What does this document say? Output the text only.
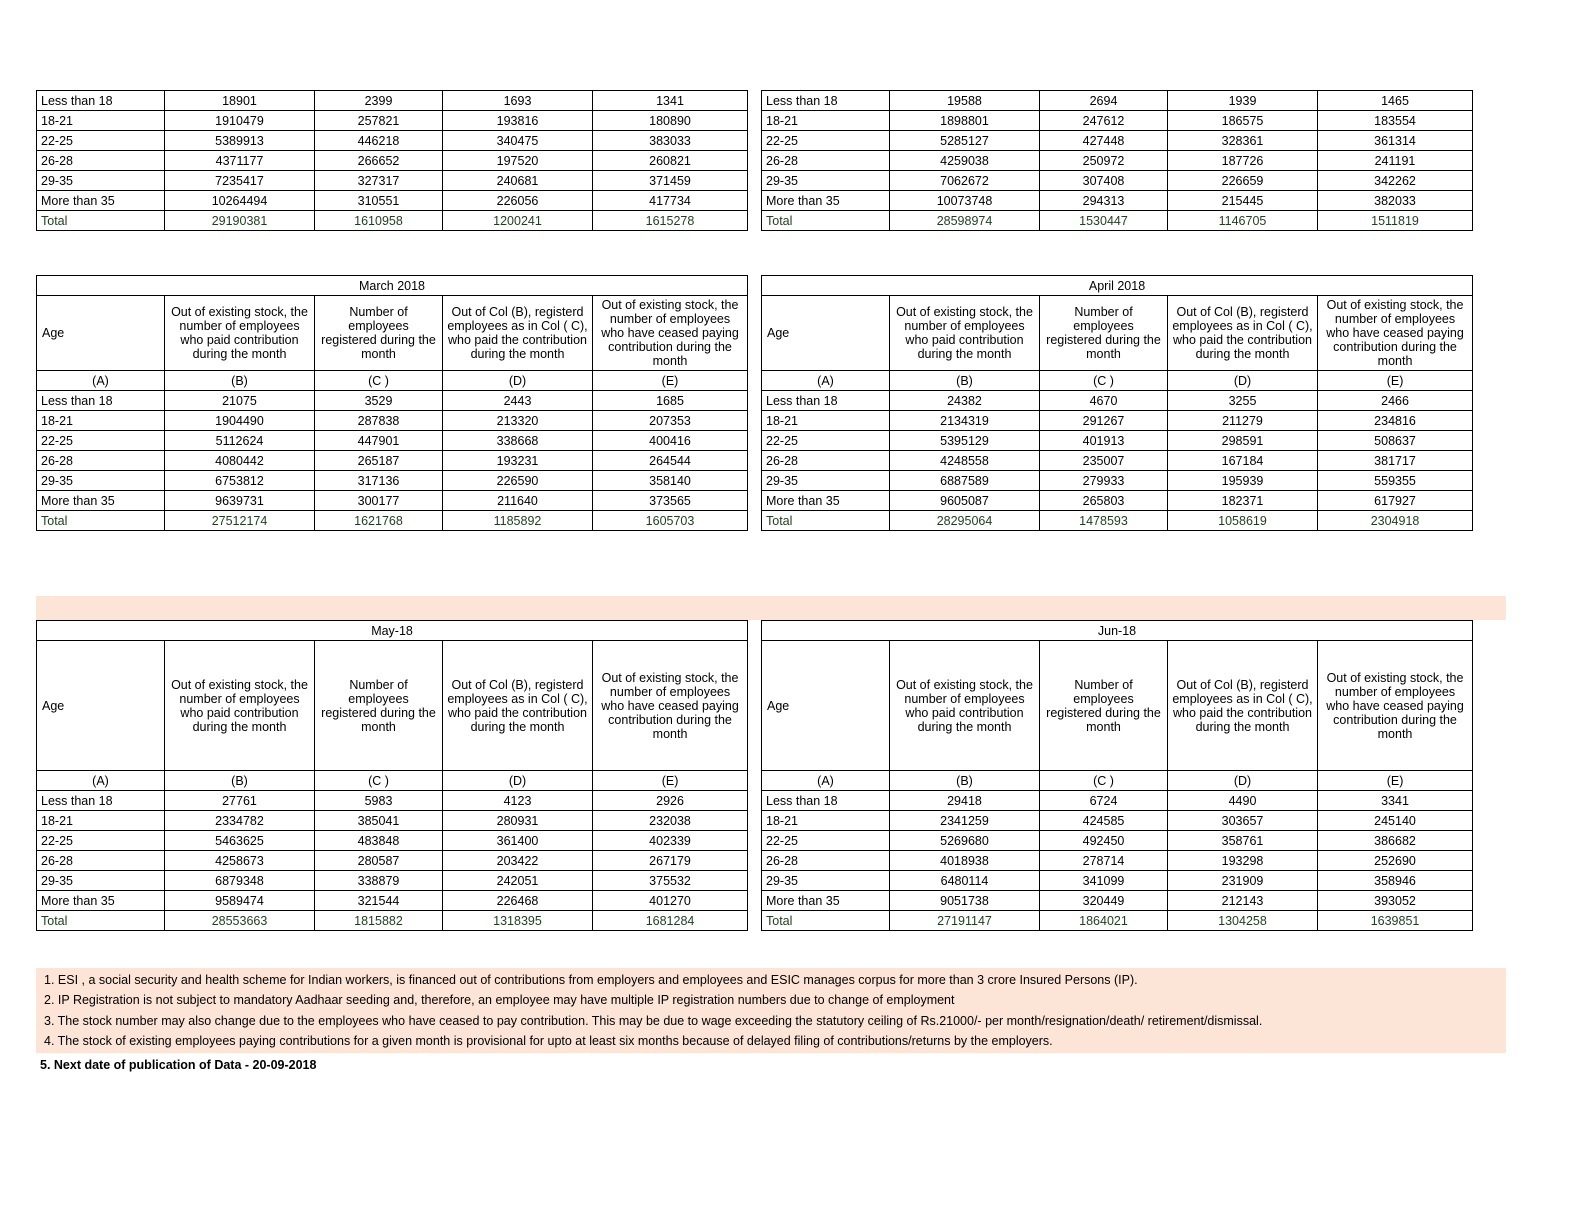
Less than 18	18901	2399	1693	1341
18-21	1910479	257821	193816	180890
22-25	5389913	446218	340475	383033
26-28	4371177	266652	197520	260821
29-35	7235417	327317	240681	371459
More than 35	10264494	310551	226056	417734
Total	29190381	1610958	1200241	1615278
Less than 18	19588	2694	1939	1465
18-21	1898801	247612	186575	183554
22-25	5285127	427448	328361	361314
26-28	4259038	250972	187726	241191
29-35	7062672	307408	226659	342262
More than 35	10073748	294313	215445	382033
Total	28598974	1530447	1146705	1511819
March 2018				
Age	Out of existing stock, the number of employees who paid contribution during the month	Number of employees registered during the month	Out of Col (B), registerd employees as in Col ( C), who paid the contribution during the month	Out of existing stock, the number of employees who have ceased paying contribution during the month
(A)	(B)	(C )	(D)	(E)
Less than 18	21075	3529	2443	1685
18-21	1904490	287838	213320	207353
22-25	5112624	447901	338668	400416
26-28	4080442	265187	193231	264544
29-35	6753812	317136	226590	358140
More than 35	9639731	300177	211640	373565
Total	27512174	1621768	1185892	1605703
April 2018				
Age	Out of existing stock, the number of employees who paid contribution during the month	Number of employees registered during the month	Out of Col (B), registerd employees as in Col ( C), who paid the contribution during the month	Out of existing stock, the number of employees who have ceased paying contribution during the month
(A)	(B)	(C )	(D)	(E)
Less than 18	24382	4670	3255	2466
18-21	2134319	291267	211279	234816
22-25	5395129	401913	298591	508637
26-28	4248558	235007	167184	381717
29-35	6887589	279933	195939	559355
More than 35	9605087	265803	182371	617927
Total	28295064	1478593	1058619	2304918
May-18				
Age	Out of existing stock, the number of employees who paid contribution during the month	Number of employees registered during the month	Out of Col (B), registerd employees as in Col ( C), who paid the contribution during the month	Out of existing stock, the number of employees who have ceased paying contribution during the month
(A)	(B)	(C )	(D)	(E)
Less than 18	27761	5983	4123	2926
18-21	2334782	385041	280931	232038
22-25	5463625	483848	361400	402339
26-28	4258673	280587	203422	267179
29-35	6879348	338879	242051	375532
More than 35	9589474	321544	226468	401270
Total	28553663	1815882	1318395	1681284
Jun-18				
Age	Out of existing stock, the number of employees who paid contribution during the month	Number of employees registered during the month	Out of Col (B), registerd employees as in Col ( C), who paid the contribution during the month	Out of existing stock, the number of employees who have ceased paying contribution during the month
(A)	(B)	(C )	(D)	(E)
Less than 18	29418	6724	4490	3341
18-21	2341259	424585	303657	245140
22-25	5269680	492450	358761	386682
26-28	4018938	278714	193298	252690
29-35	6480114	341099	231909	358946
More than 35	9051738	320449	212143	393052
Total	27191147	1864021	1304258	1639851

1. ESI , a social security and health scheme for Indian workers, is financed out of contributions from employers and employees and ESIC manages corpus for more than 3 crore Insured Persons (IP).

2. IP Registration is not subject to mandatory Aadhaar seeding and, therefore, an employee may have multiple IP registration numbers due to change of employment

3. The stock number may also change due to the employees who have ceased to pay contribution. This may be due to wage exceeding the statutory ceiling of Rs.21000/- per month/resignation/death/ retirement/dismissal.

4. The stock of existing employees paying contributions for a given month is provisional for upto at least six months because of delayed filing of contributions/returns by the employers.

5. Next date of publication of Data - 20-09-2018
